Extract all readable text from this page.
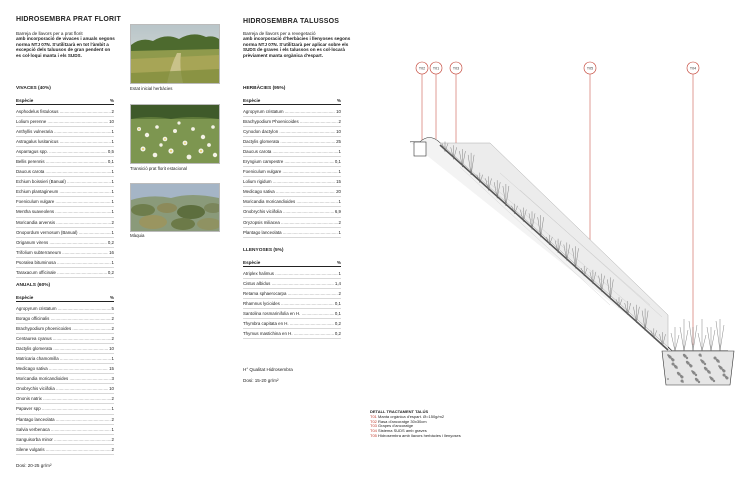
HIDROSEMBRA PRAT FLORIT
Barreja de llavors per a prat florit
amb incorporació de vivaces i anuals segons norma NTJ 07N. S'utilitzarà en tot l'àmbit a excepció dels taluusos de gran pendent on es col·loqui manta i els SUDS.
VIVACES (40%)
Espècie	%
Asphodelus fistulosus .....	2
Lolium perenne .....	10
Anthyllis vulneraria .....	1
Astragalus lusitanicus .....	1
Asparragus spp. .....	0,5
Bellis perennis .....	0,1
Daucus carota .....	1
Echium boissieri (Banual) .....	1
Echium plantagineum .....	1
Foeniculum vulgare .....	1
Mentha suaveolens .....	1
Moricandia arvensis .....	2
Onopordum vernosum (Banual) .....	1
Origanum virens .....	0,2
Trifolium subterraneum .....	16
Psoralea bituminosa .....	1
Taraxacum officinale .....	0,2
ANUALS (60%)
Espècie	%
Agropyrum cristatum .....	5
Borago officinalis .....	2
Brachypodium phoenicoides .....	2
Centaurea cyanus .....	2
Dactylis glomerata .....	10
Matricaria chamomilla .....	1
Medicago sativa .....	15
Moricandia moricandioides .....	3
Onobrychis viciifolia .....	10
Ononis natrix .....	2
Papaver spp .....	1
Plantago lanceolata .....	2
Salvia verbenaca .....	1
Sanguisorba minor .....	2
Silene vulgaris .....	2
Dosi: 20-25 gr/m²
Estat inicial herbàcies
Transició prat florit estacional
Màquia
HIDROSEMBRA TALUSSOS
Barreja de llavors per a revegetació
amb incorporació d'herbàcies i llenyoses segons norma NTJ 07N. S'utilitzarà per aplicar sobre els SUDS de graves i els talussos on es col·locarà prèviament manta orgànica d'espart.
HERBÀCIES (95%)
Espècie	%
Agropyrum cristatum .....	10
Brachypodium Phoenicoides .....	2
Cynodon dactylon .....	10
Dactylis glomerata .....	25
Daucus carota .....	1
Eryngium campestre .....	0,1
Foeniculum vulgare .....	1
Lolium rigidum .....	15
Medicago sativa .....	20
Moricandia moricandioides .....	1
Onobrychis viciifolia .....	6,9
Oryzopsis miliacea .....	2
Plantago lanceolata .....	1
LLENYOSES (5%)
Espècie	%
Atriplex halimus .....	1
Cistus albidus .....	1,4
Retama sphaerocarpa .....	2
Rhamnus lycioides .....	0,1
Santolina rosmarinifolia en H. .....	0,1
Thymbra capitata en H. .....	0,2
Thymus mastichina en H. .....	0,2
H° Qualitat Hidrosembra
Dosi: 15-20 gr/m²
T02 T01	T03	T05	T04
DETALL TRACTAMENT TALÚS
T01 Manta orgànica d'espart. Ø=150g/m2
T02 Rasa d'ancoratge 30x30cm
T03 Grapes d'ancoratge
T04 Sistema SUDS amb graves
T05 Hidrosembra amb llavors herbàcies i llenyoses
